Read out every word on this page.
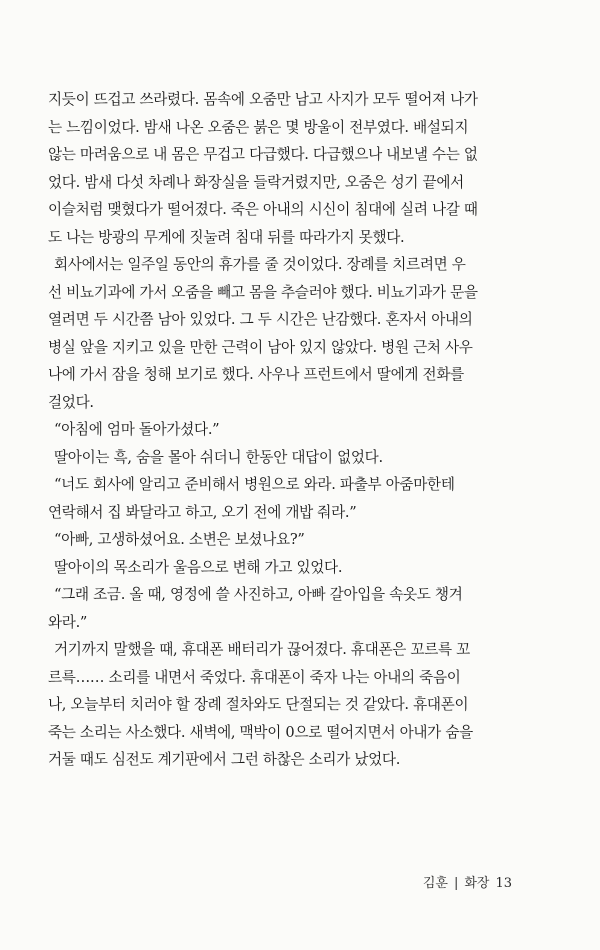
지듯이 뜨겁고 쓰라렸다. 몸속에 오줌만 남고 사지가 모두 떨어져 나가
는 느낌이었다. 밤새 나온 오줌은 붉은 몇 방울이 전부였다. 배설되지
않는 마려움으로 내 몸은 무겁고 다급했다. 다급했으나 내보낼 수는 없
었다. 밤새 다섯 차례나 화장실을 들락거렸지만, 오줌은 성기 끝에서
이슬처럼 맺혔다가 떨어졌다. 죽은 아내의 시신이 침대에 실려 나갈 때
도 나는 방광의 무게에 짓눌려 침대 뒤를 따라가지 못했다.
회사에서는 일주일 동안의 휴가를 줄 것이었다. 장례를 치르려면 우
선 비뇨기과에 가서 오줌을 빼고 몸을 추슬러야 했다. 비뇨기과가 문을
열려면 두 시간쯤 남아 있었다. 그 두 시간은 난감했다. 혼자서 아내의
병실 앞을 지키고 있을 만한 근력이 남아 있지 않았다. 병원 근처 사우
나에 가서 잠을 청해 보기로 했다. 사우나 프런트에서 딸에게 전화를
걸었다.
“아침에 엄마 돌아가셨다.”
딸아이는 흑, 숨을 몰아 쉬더니 한동안 대답이 없었다.
“너도 회사에 알리고 준비해서 병원으로 와라. 파출부 아줌마한테
연락해서 집 봐달라고 하고, 오기 전에 개밥 줘라.”
“아빠, 고생하셨어요. 소변은 보셨나요?”
딸아이의 목소리가 울음으로 변해 가고 있었다.
“그래 조금. 올 때, 영정에 쓸 사진하고, 아빠 갈아입을 속옷도 챙겨
와라.”
거기까지 말했을 때, 휴대폰 배터리가 끊어졌다. 휴대폰은 꼬르륵 꼬
르륵…… 소리를 내면서 죽었다. 휴대폰이 죽자 나는 아내의 죽음이
나, 오늘부터 치러야 할 장례 절차와도 단절되는 것 같았다. 휴대폰이
죽는 소리는 사소했다. 새벽에, 맥박이 0으로 떨어지면서 아내가 숨을
거둘 때도 심전도 계기판에서 그런 하찮은 소리가 났었다.
김훈 | 화장 13
